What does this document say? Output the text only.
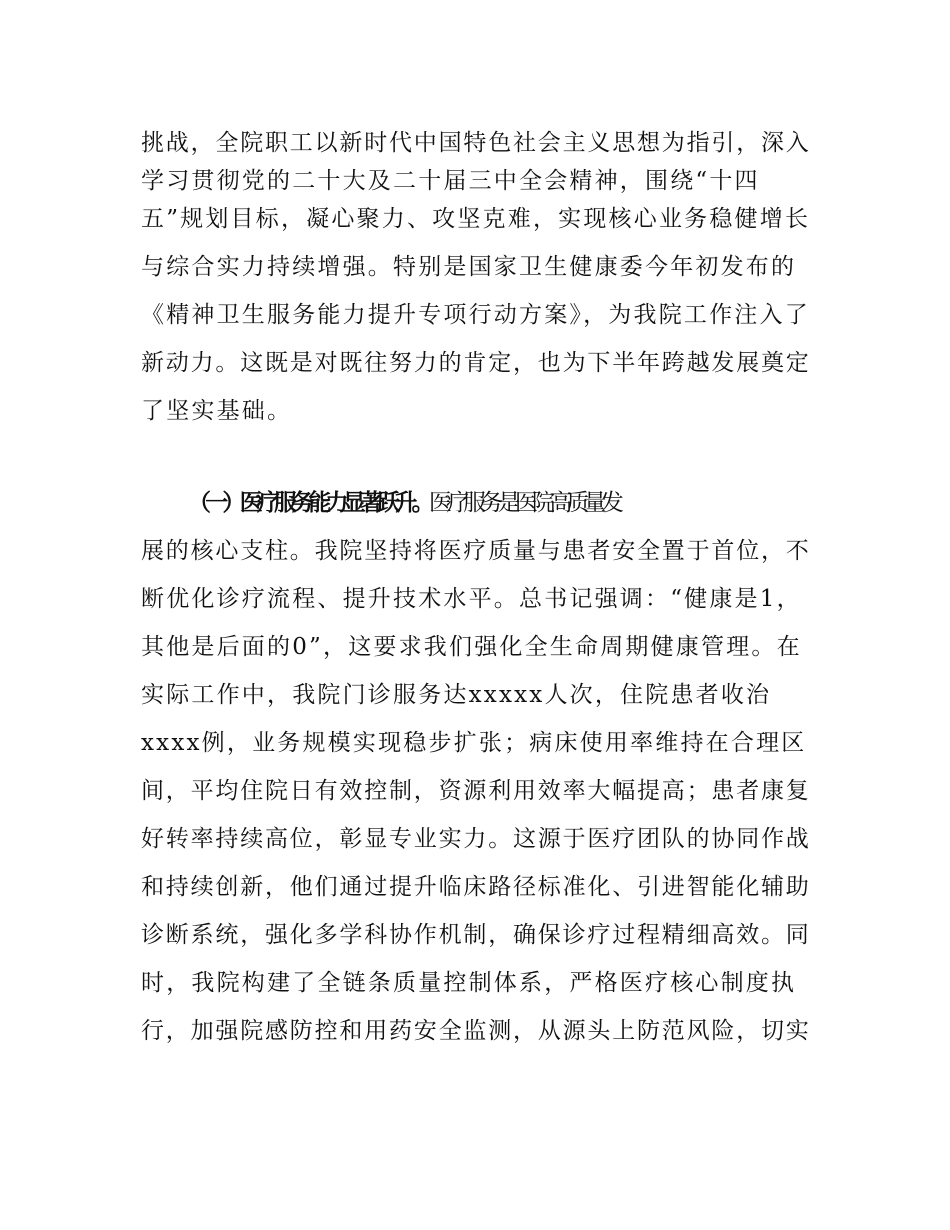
挑战，全院职工以新时代中国特色社会主义思想为指引，深入
学习贯彻党的二十大及二十届三中全会精神，围绕“十四
五”规划目标，凝心聚力、攻坚克难，实现核心业务稳健增长
与综合实力持续增强。特别是国家卫生健康委今年初发布的
《精神卫生服务能力提升专项行动方案》，为我院工作注入了
新动力。这既是对既往努力的肯定，也为下半年跨越发展奠定
了坚实基础。
（一）医疗服务能力显著跃升。医疗服务是医院高质量发
展的核心支柱。我院坚持将医疗质量与患者安全置于首位，不
断优化诊疗流程、提升技术水平。总书记强调：“健康是1，
其他是后面的0”，这要求我们强化全生命周期健康管理。在
实际工作中，我院门诊服务达xxxxx人次，住院患者收治
xxxx例，业务规模实现稳步扩张；病床使用率维持在合理区
间，平均住院日有效控制，资源利用效率大幅提高；患者康复
好转率持续高位，彰显专业实力。这源于医疗团队的协同作战
和持续创新，他们通过提升临床路径标准化、引进智能化辅助
诊断系统，强化多学科协作机制，确保诊疗过程精细高效。同
时，我院构建了全链条质量控制体系，严格医疗核心制度执
行，加强院感防控和用药安全监测，从源头上防范风险，切实
